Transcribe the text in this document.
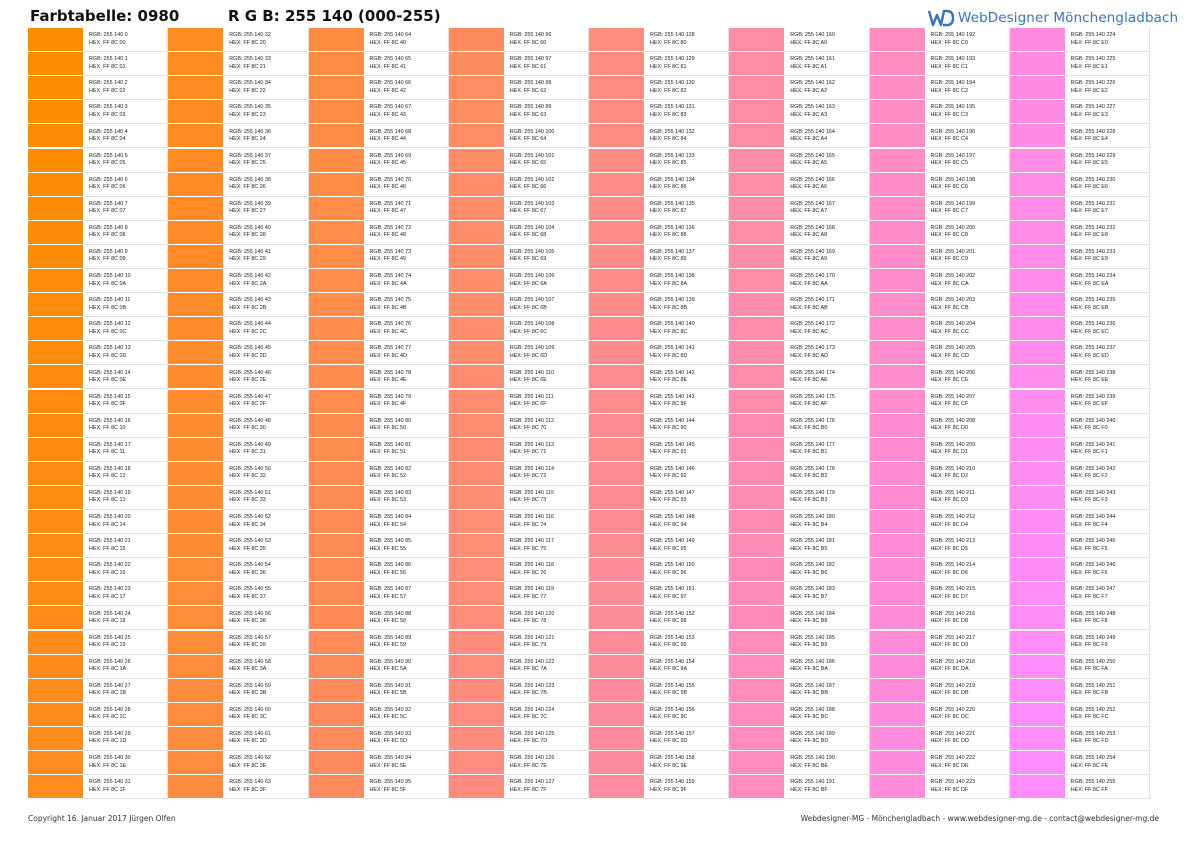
Farbtabelle: 0980	R G B: 255 140 (000-255)	WebDesigner Mönchengladbach
RGB: 255 140 0
HEX: FF 8C 00
RGB: 255 140 1
HEX: FF 8C 01
RGB: 255 140 2
HEX: FF 8C 02
RGB: 255 140 3
HEX: FF 8C 03
RGB: 255 140 4
HEX: FF 8C 04
RGB: 255 140 5
HEX: FF 8C 05
RGB: 255 140 6
HEX: FF 8C 06
RGB: 255 140 7
HEX: FF 8C 07
RGB: 255 140 8
HEX: FF 8C 08
RGB: 255 140 9
HEX: FF 8C 09
RGB: 255 140 10
HEX: FF 8C 0A
RGB: 255 140 11
HEX: FF 8C 0B
RGB: 255 140 12
HEX: FF 8C 0C
RGB: 255 140 13
HEX: FF 8C 0D
RGB: 255 140 14
HEX: FF 8C 0E
RGB: 255 140 15
HEX: FF 8C 0F
RGB: 255 140 16
HEX: FF 8C 10
RGB: 255 140 17
HEX: FF 8C 11
RGB: 255 140 18
HEX: FF 8C 12
RGB: 255 140 19
HEX: FF 8C 13
RGB: 255 140 20
HEX: FF 8C 14
RGB: 255 140 21
HEX: FF 8C 15
RGB: 255 140 22
HEX: FF 8C 16
RGB: 255 140 23
HEX: FF 8C 17
RGB: 255 140 24
HEX: FF 8C 18
RGB: 255 140 25
HEX: FF 8C 19
RGB: 255 140 26
HEX: FF 8C 1A
RGB: 255 140 27
HEX: FF 8C 1B
RGB: 255 140 28
HEX: FF 8C 1C
RGB: 255 140 29
HEX: FF 8C 1D
RGB: 255 140 30
HEX: FF 8C 1E
RGB: 255 140 31
HEX: FF 8C 1F
RGB: 255 140 32
HEX: FF 8C 20
RGB: 255 140 33
HEX: FF 8C 21
RGB: 255 140 34
HEX: FF 8C 22
RGB: 255 140 35
HEX: FF 8C 23
RGB: 255 140 36
HEX: FF 8C 24
RGB: 255 140 37
HEX: FF 8C 25
RGB: 255 140 38
HEX: FF 8C 26
RGB: 255 140 39
HEX: FF 8C 27
RGB: 255 140 40
HEX: FF 8C 28
RGB: 255 140 41
HEX: FF 8C 29
RGB: 255 140 42
HEX: FF 8C 2A
RGB: 255 140 43
HEX: FF 8C 2B
RGB: 255 140 44
HEX: FF 8C 2C
RGB: 255 140 45
HEX: FF 8C 2D
RGB: 255 140 46
HEX: FF 8C 2E
RGB: 255 140 47
HEX: FF 8C 2F
RGB: 255 140 48
HEX: FF 8C 30
RGB: 255 140 49
HEX: FF 8C 31
RGB: 255 140 50
HEX: FF 8C 32
RGB: 255 140 51
HEX: FF 8C 33
RGB: 255 140 52
HEX: FF 8C 34
RGB: 255 140 53
HEX: FF 8C 35
RGB: 255 140 54
HEX: FF 8C 36
RGB: 255 140 55
HEX: FF 8C 37
RGB: 255 140 56
HEX: FF 8C 38
RGB: 255 140 57
HEX: FF 8C 39
RGB: 255 140 58
HEX: FF 8C 3A
RGB: 255 140 59
HEX: FF 8C 3B
RGB: 255 140 60
HEX: FF 8C 3C
RGB: 255 140 61
HEX: FF 8C 3D
RGB: 255 140 62
HEX: FF 8C 3E
RGB: 255 140 63
HEX: FF 8C 3F
RGB: 255 140 64
HEX: FF 8C 40
RGB: 255 140 65
HEX: FF 8C 41
RGB: 255 140 66
HEX: FF 8C 42
RGB: 255 140 67
HEX: FF 8C 43
RGB: 255 140 68
HEX: FF 8C 44
RGB: 255 140 69
HEX: FF 8C 45
RGB: 255 140 70
HEX: FF 8C 46
RGB: 255 140 71
HEX: FF 8C 47
RGB: 255 140 72
HEX: FF 8C 48
RGB: 255 140 73
HEX: FF 8C 49
RGB: 255 140 74
HEX: FF 8C 4A
RGB: 255 140 75
HEX: FF 8C 4B
RGB: 255 140 76
HEX: FF 8C 4C
RGB: 255 140 77
HEX: FF 8C 4D
RGB: 255 140 78
HEX: FF 8C 4E
RGB: 255 140 79
HEX: FF 8C 4F
RGB: 255 140 80
HEX: FF 8C 50
RGB: 255 140 81
HEX: FF 8C 51
RGB: 255 140 82
HEX: FF 8C 52
RGB: 255 140 83
HEX: FF 8C 53
RGB: 255 140 84
HEX: FF 8C 54
RGB: 255 140 85
HEX: FF 8C 55
RGB: 255 140 86
HEX: FF 8C 56
RGB: 255 140 87
HEX: FF 8C 57
RGB: 255 140 88
HEX: FF 8C 58
RGB: 255 140 89
HEX: FF 8C 59
RGB: 255 140 90
HEX: FF 8C 5A
RGB: 255 140 91
HEX: FF 8C 5B
RGB: 255 140 92
HEX: FF 8C 5C
RGB: 255 140 93
HEX: FF 8C 5D
RGB: 255 140 94
HEX: FF 8C 5E
RGB: 255 140 95
HEX: FF 8C 5F
RGB: 255 140 96
HEX: FF 8C 60
RGB: 255 140 97
HEX: FF 8C 61
RGB: 255 140 98
HEX: FF 8C 62
RGB: 255 140 99
HEX: FF 8C 63
RGB: 255 140 100
HEX: FF 8C 64
RGB: 255 140 101
HEX: FF 8C 65
RGB: 255 140 102
HEX: FF 8C 66
RGB: 255 140 103
HEX: FF 8C 67
RGB: 255 140 104
HEX: FF 8C 68
RGB: 255 140 105
HEX: FF 8C 69
RGB: 255 140 106
HEX: FF 8C 6A
RGB: 255 140 107
HEX: FF 8C 6B
RGB: 255 140 108
HEX: FF 8C 6C
RGB: 255 140 109
HEX: FF 8C 6D
RGB: 255 140 110
HEX: FF 8C 6E
RGB: 255 140 111
HEX: FF 8C 6F
RGB: 255 140 112
HEX: FF 8C 70
RGB: 255 140 113
HEX: FF 8C 71
RGB: 255 140 114
HEX: FF 8C 72
RGB: 255 140 115
HEX: FF 8C 73
RGB: 255 140 116
HEX: FF 8C 74
RGB: 255 140 117
HEX: FF 8C 75
RGB: 255 140 118
HEX: FF 8C 76
RGB: 255 140 119
HEX: FF 8C 77
RGB: 255 140 120
HEX: FF 8C 78
RGB: 255 140 121
HEX: FF 8C 79
RGB: 255 140 122
HEX: FF 8C 7A
RGB: 255 140 123
HEX: FF 8C 7B
RGB: 255 140 124
HEX: FF 8C 7C
RGB: 255 140 125
HEX: FF 8C 7D
RGB: 255 140 126
HEX: FF 8C 7E
RGB: 255 140 127
HEX: FF 8C 7F
RGB: 255 140 128
HEX: FF 8C 80
RGB: 255 140 129
HEX: FF 8C 81
RGB: 255 140 130
HEX: FF 8C 82
RGB: 255 140 131
HEX: FF 8C 83
RGB: 255 140 132
HEX: FF 8C 84
RGB: 255 140 133
HEX: FF 8C 85
RGB: 255 140 134
HEX: FF 8C 86
RGB: 255 140 135
HEX: FF 8C 87
RGB: 255 140 136
HEX: FF 8C 88
RGB: 255 140 137
HEX: FF 8C 89
RGB: 255 140 138
HEX: FF 8C 8A
RGB: 255 140 139
HEX: FF 8C 8B
RGB: 255 140 140
HEX: FF 8C 8C
RGB: 255 140 141
HEX: FF 8C 8D
RGB: 255 140 142
HEX: FF 8C 8E
RGB: 255 140 143
HEX: FF 8C 8F
RGB: 255 140 144
HEX: FF 8C 90
RGB: 255 140 145
HEX: FF 8C 91
RGB: 255 140 146
HEX: FF 8C 92
RGB: 255 140 147
HEX: FF 8C 93
RGB: 255 140 148
HEX: FF 8C 94
RGB: 255 140 149
HEX: FF 8C 95
RGB: 255 140 150
HEX: FF 8C 96
RGB: 255 140 151
HEX: FF 8C 97
RGB: 255 140 152
HEX: FF 8C 98
RGB: 255 140 153
HEX: FF 8C 99
RGB: 255 140 154
HEX: FF 8C 9A
RGB: 255 140 155
HEX: FF 8C 9B
RGB: 255 140 156
HEX: FF 8C 9C
RGB: 255 140 157
HEX: FF 8C 9D
RGB: 255 140 158
HEX: FF 8C 9E
RGB: 255 140 159
HEX: FF 8C 9F
RGB: 255 140 160
HEX: FF 8C A0
RGB: 255 140 161
HEX: FF 8C A1
RGB: 255 140 162
HEX: FF 8C A2
RGB: 255 140 163
HEX: FF 8C A3
RGB: 255 140 164
HEX: FF 8C A4
RGB: 255 140 165
HEX: FF 8C A5
RGB: 255 140 166
HEX: FF 8C A6
RGB: 255 140 167
HEX: FF 8C A7
RGB: 255 140 168
HEX: FF 8C A8
RGB: 255 140 169
HEX: FF 8C A9
RGB: 255 140 170
HEX: FF 8C AA
RGB: 255 140 171
HEX: FF 8C AB
RGB: 255 140 172
HEX: FF 8C AC
RGB: 255 140 173
HEX: FF 8C AD
RGB: 255 140 174
HEX: FF 8C AE
RGB: 255 140 175
HEX: FF 8C AF
RGB: 255 140 176
HEX: FF 8C B0
RGB: 255 140 177
HEX: FF 8C B1
RGB: 255 140 178
HEX: FF 8C B2
RGB: 255 140 179
HEX: FF 8C B3
RGB: 255 140 180
HEX: FF 8C B4
RGB: 255 140 181
HEX: FF 8C B5
RGB: 255 140 182
HEX: FF 8C B6
RGB: 255 140 183
HEX: FF 8C B7
RGB: 255 140 184
HEX: FF 8C B8
RGB: 255 140 185
HEX: FF 8C B9
RGB: 255 140 186
HEX: FF 8C BA
RGB: 255 140 187
HEX: FF 8C BB
RGB: 255 140 188
HEX: FF 8C BC
RGB: 255 140 189
HEX: FF 8C BD
RGB: 255 140 190
HEX: FF 8C BE
RGB: 255 140 191
HEX: FF 8C BF
RGB: 255 140 192
HEX: FF 8C C0
RGB: 255 140 193
HEX: FF 8C C1
RGB: 255 140 194
HEX: FF 8C C2
RGB: 255 140 195
HEX: FF 8C C3
RGB: 255 140 196
HEX: FF 8C C4
RGB: 255 140 197
HEX: FF 8C C5
RGB: 255 140 198
HEX: FF 8C C6
RGB: 255 140 199
HEX: FF 8C C7
RGB: 255 140 200
HEX: FF 8C C8
RGB: 255 140 201
HEX: FF 8C C9
RGB: 255 140 202
HEX: FF 8C CA
RGB: 255 140 203
HEX: FF 8C CB
RGB: 255 140 204
HEX: FF 8C CC
RGB: 255 140 205
HEX: FF 8C CD
RGB: 255 140 206
HEX: FF 8C CE
RGB: 255 140 207
HEX: FF 8C CF
RGB: 255 140 208
HEX: FF 8C D0
RGB: 255 140 209
HEX: FF 8C D1
RGB: 255 140 210
HEX: FF 8C D2
RGB: 255 140 211
HEX: FF 8C D3
RGB: 255 140 212
HEX: FF 8C D4
RGB: 255 140 213
HEX: FF 8C D5
RGB: 255 140 214
HEX: FF 8C D6
RGB: 255 140 215
HEX: FF 8C D7
RGB: 255 140 216
HEX: FF 8C D8
RGB: 255 140 217
HEX: FF 8C D9
RGB: 255 140 218
HEX: FF 8C DA
RGB: 255 140 219
HEX: FF 8C DB
RGB: 255 140 220
HEX: FF 8C DC
RGB: 255 140 221
HEX: FF 8C DD
RGB: 255 140 222
HEX: FF 8C DE
RGB: 255 140 223
HEX: FF 8C DF
RGB: 255 140 224
HEX: FF 8C E0
RGB: 255 140 225
HEX: FF 8C E1
RGB: 255 140 226
HEX: FF 8C E2
RGB: 255 140 227
HEX: FF 8C E3
RGB: 255 140 228
HEX: FF 8C E4
RGB: 255 140 229
HEX: FF 8C E5
RGB: 255 140 230
HEX: FF 8C E6
RGB: 255 140 231
HEX: FF 8C E7
RGB: 255 140 232
HEX: FF 8C E8
RGB: 255 140 233
HEX: FF 8C E9
RGB: 255 140 234
HEX: FF 8C EA
RGB: 255 140 235
HEX: FF 8C EB
RGB: 255 140 236
HEX: FF 8C EC
RGB: 255 140 237
HEX: FF 8C ED
RGB: 255 140 238
HEX: FF 8C EE
RGB: 255 140 239
HEX: FF 8C EF
RGB: 255 140 240
HEX: FF 8C F0
RGB: 255 140 241
HEX: FF 8C F1
RGB: 255 140 242
HEX: FF 8C F2
RGB: 255 140 243
HEX: FF 8C F3
RGB: 255 140 244
HEX: FF 8C F4
RGB: 255 140 245
HEX: FF 8C F5
RGB: 255 140 246
HEX: FF 8C F6
RGB: 255 140 247
HEX: FF 8C F7
RGB: 255 140 248
HEX: FF 8C F8
RGB: 255 140 249
HEX: FF 8C F9
RGB: 255 140 250
HEX: FF 8C FA
RGB: 255 140 251
HEX: FF 8C FB
RGB: 255 140 252
HEX: FF 8C FC
RGB: 255 140 253
HEX: FF 8C FD
RGB: 255 140 254
HEX: FF 8C FE
RGB: 255 140 255
HEX: FF 8C FF
Copyright 16. Januar 2017 Jürgen Olfen	Webdesigner-MG - Mönchengladbach - www.webdesigner-mg.de - contact@webdesigner-mg.de
